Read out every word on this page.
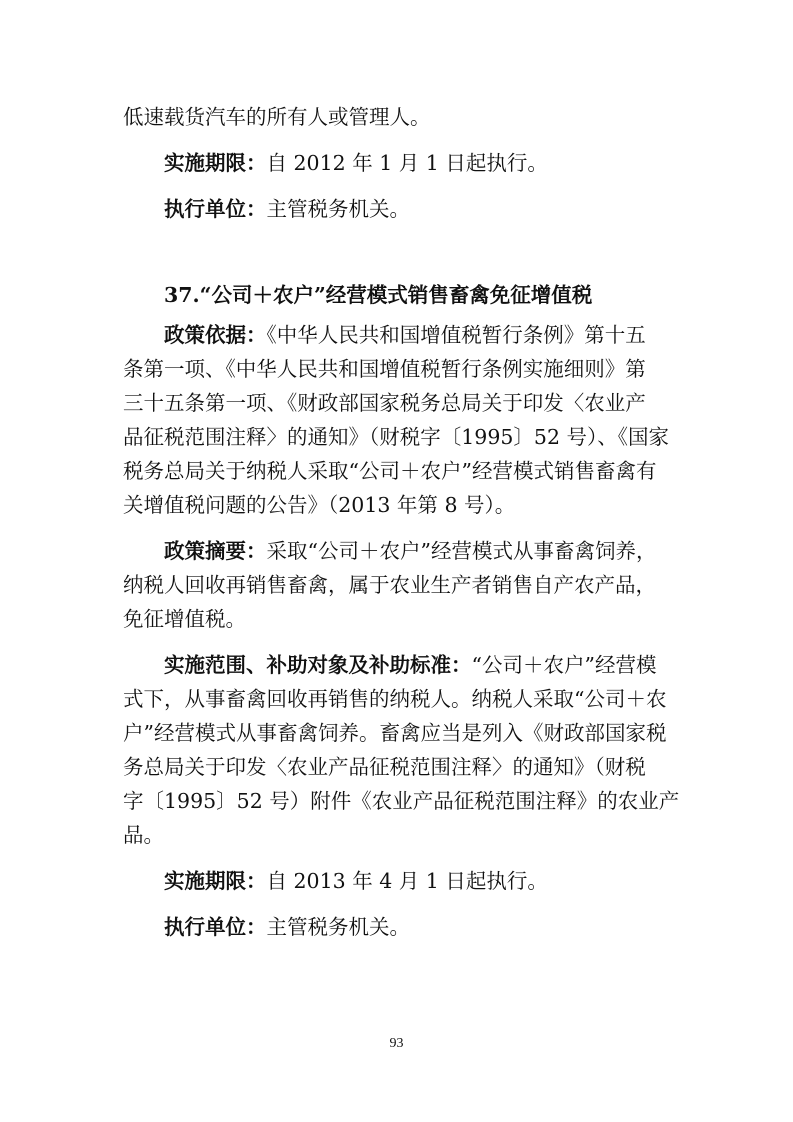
低速载货汽车的所有人或管理人。

实施期限：自 2012 年 1 月 1 日起执行。

执行单位：主管税务机关。

37.“公司＋农户”经营模式销售畜禽免征增值税

政策依据：《中华人民共和国增值税暂行条例》第十五

条第一项、《中华人民共和国增值税暂行条例实施细则》第

三十五条第一项、《财政部国家税务总局关于印发〈农业产

品征税范围注释〉的通知》（财税字〔1995〕52 号）、《国家

税务总局关于纳税人采取“公司＋农户”经营模式销售畜禽有

关增值税问题的公告》（2013 年第 8 号）。

政策摘要：采取“公司＋农户”经营模式从事畜禽饲养，

纳税人回收再销售畜禽，属于农业生产者销售自产农产品，

免征增值税。

实施范围、补助对象及补助标准：“公司＋农户”经营模

式下，从事畜禽回收再销售的纳税人。纳税人采取“公司＋农

户”经营模式从事畜禽饲养。畜禽应当是列入《财政部国家税

务总局关于印发〈农业产品征税范围注释〉的通知》（财税

字〔1995〕52 号）附件《农业产品征税范围注释》的农业产

品。

实施期限：自 2013 年 4 月 1 日起执行。

执行单位：主管税务机关。

93
